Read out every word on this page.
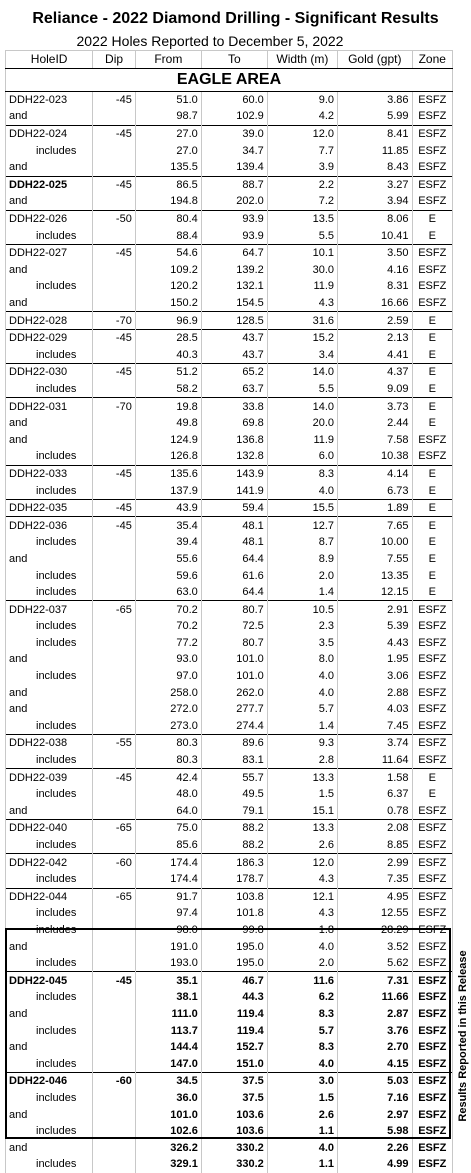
Reliance - 2022 Diamond Drilling - Significant Results
2022 Holes Reported to December 5, 2022
HoleID	Dip	From	To	Width (m)	Gold (gpt)	Zone
EAGLE AREA						
DDH22-023	-45	51.0	60.0	9.0	3.86	ESFZ
and		98.7	102.9	4.2	5.99	ESFZ
DDH22-024	-45	27.0	39.0	12.0	8.41	ESFZ
includes		27.0	34.7	7.7	11.85	ESFZ
and		135.5	139.4	3.9	8.43	ESFZ
DDH22-025	-45	86.5	88.7	2.2	3.27	ESFZ
and		194.8	202.0	7.2	3.94	ESFZ
DDH22-026	-50	80.4	93.9	13.5	8.06	E
includes		88.4	93.9	5.5	10.41	E
DDH22-027	-45	54.6	64.7	10.1	3.50	ESFZ
and		109.2	139.2	30.0	4.16	ESFZ
includes		120.2	132.1	11.9	8.31	ESFZ
and		150.2	154.5	4.3	16.66	ESFZ
DDH22-028	-70	96.9	128.5	31.6	2.59	E
DDH22-029	-45	28.5	43.7	15.2	2.13	E
includes		40.3	43.7	3.4	4.41	E
DDH22-030	-45	51.2	65.2	14.0	4.37	E
includes		58.2	63.7	5.5	9.09	E
DDH22-031	-70	19.8	33.8	14.0	3.73	E
and		49.8	69.8	20.0	2.44	E
and		124.9	136.8	11.9	7.58	ESFZ
includes		126.8	132.8	6.0	10.38	ESFZ
DDH22-033	-45	135.6	143.9	8.3	4.14	E
includes		137.9	141.9	4.0	6.73	E
DDH22-035	-45	43.9	59.4	15.5	1.89	E
DDH22-036	-45	35.4	48.1	12.7	7.65	E
includes		39.4	48.1	8.7	10.00	E
and		55.6	64.4	8.9	7.55	E
includes		59.6	61.6	2.0	13.35	E
includes		63.0	64.4	1.4	12.15	E
DDH22-037	-65	70.2	80.7	10.5	2.91	ESFZ
includes		70.2	72.5	2.3	5.39	ESFZ
includes		77.2	80.7	3.5	4.43	ESFZ
and		93.0	101.0	8.0	1.95	ESFZ
includes		97.0	101.0	4.0	3.06	ESFZ
and		258.0	262.0	4.0	2.88	ESFZ
and		272.0	277.7	5.7	4.03	ESFZ
includes		273.0	274.4	1.4	7.45	ESFZ
DDH22-038	-55	80.3	89.6	9.3	3.74	ESFZ
includes		80.3	83.1	2.8	11.64	ESFZ
DDH22-039	-45	42.4	55.7	13.3	1.58	E
includes		48.0	49.5	1.5	6.37	E
and		64.0	79.1	15.1	0.78	ESFZ
DDH22-040	-65	75.0	88.2	13.3	2.08	ESFZ
includes		85.6	88.2	2.6	8.85	ESFZ
DDH22-042	-60	174.4	186.3	12.0	2.99	ESFZ
includes		174.4	178.7	4.3	7.35	ESFZ
DDH22-044	-65	91.7	103.8	12.1	4.95	ESFZ
includes		97.4	101.8	4.3	12.55	ESFZ
includes		98.0	99.8	1.8	28.29	ESFZ
and		191.0	195.0	4.0	3.52	ESFZ
includes		193.0	195.0	2.0	5.62	ESFZ
DDH22-045	-45	35.1	46.7	11.6	7.31	ESFZ
includes		38.1	44.3	6.2	11.66	ESFZ
and		111.0	119.4	8.3	2.87	ESFZ
includes		113.7	119.4	5.7	3.76	ESFZ
and		144.4	152.7	8.3	2.70	ESFZ
includes		147.0	151.0	4.0	4.15	ESFZ
DDH22-046	-60	34.5	37.5	3.0	5.03	ESFZ
includes		36.0	37.5	1.5	7.16	ESFZ
and		101.0	103.6	2.6	2.97	ESFZ
includes		102.6	103.6	1.1	5.98	ESFZ
and		326.2	330.2	4.0	2.26	ESFZ
includes		329.1	330.2	1.1	4.99	ESFZ
Results Reported in this Release
